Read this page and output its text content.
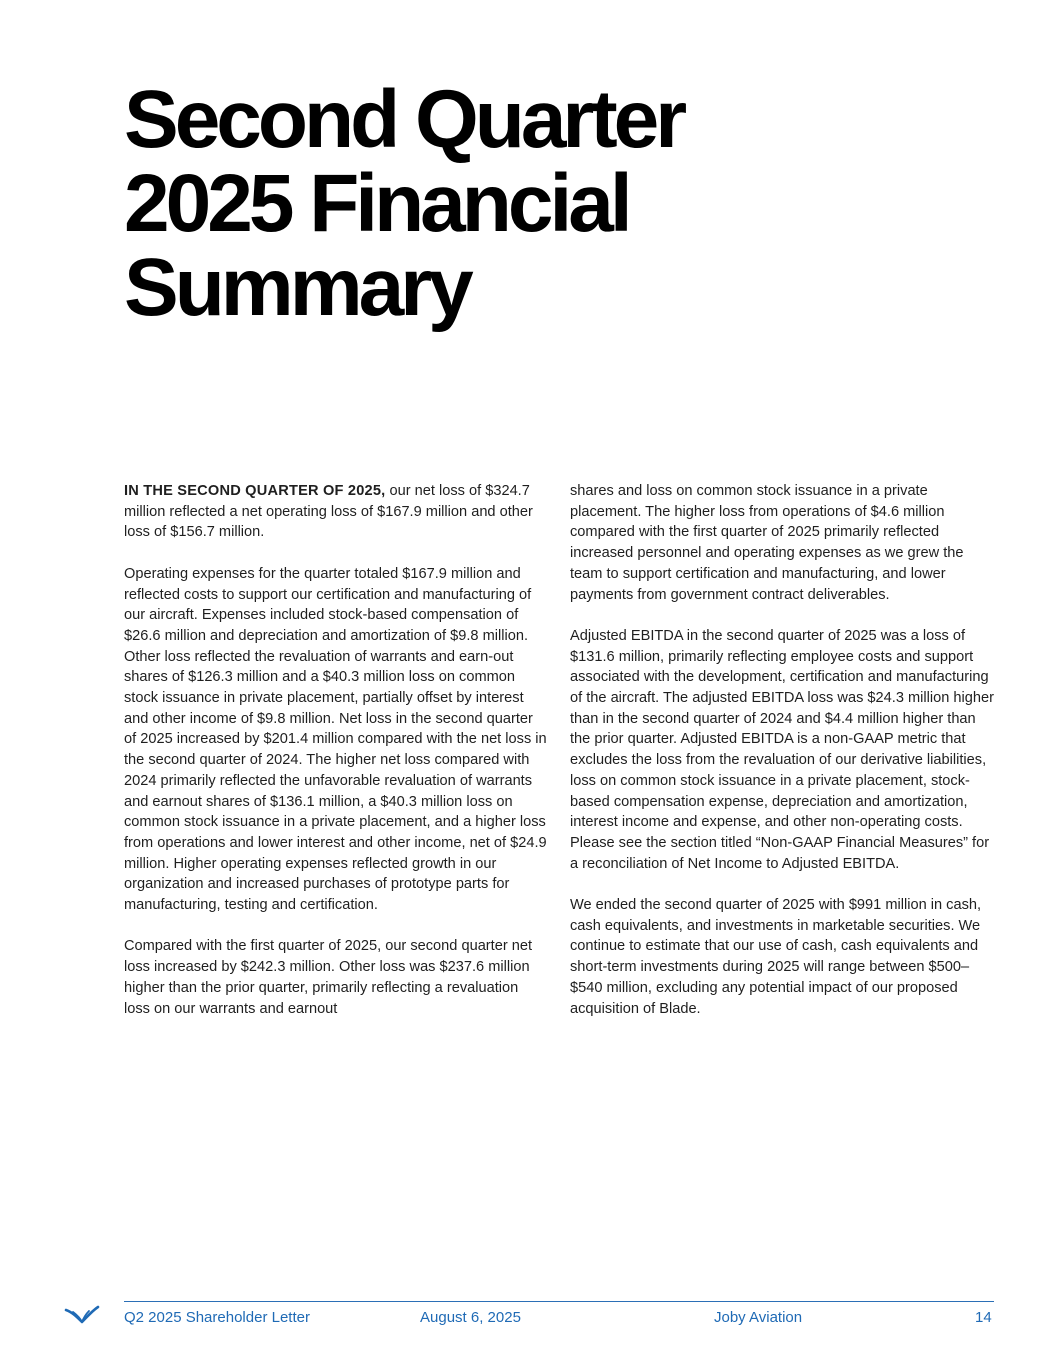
Second Quarter
2025 Financial
Summary

IN THE SECOND QUARTER OF 2025, our net loss of $324.7 million reflected a net operating loss of $167.9 million and other loss of $156.7 million.

Operating expenses for the quarter totaled $167.9 million and reflected costs to support our certification and manufacturing of our aircraft. Expenses included stock-based compensation of $26.6 million and depreciation and amortization of $9.8 million. Other loss reflected the revaluation of warrants and earn-out shares of $126.3 million and a $40.3 million loss on common stock issuance in private placement, partially offset by interest and other income of $9.8 million. Net loss in the second quarter of 2025 increased by $201.4 million compared with the net loss in the second quarter of 2024. The higher net loss compared with 2024 primarily reflected the unfavorable revaluation of warrants and earnout shares of $136.1 million, a $40.3 million loss on common stock issuance in a private placement, and a higher loss from operations and lower interest and other income, net of $24.9 million. Higher operating expenses reflected growth in our organization and increased purchases of prototype parts for manufacturing, testing and certification.

Compared with the first quarter of 2025, our second quarter net loss increased by $242.3 million. Other loss was $237.6 million higher than the prior quarter, primarily reflecting a revaluation loss on our warrants and earnout

shares and loss on common stock issuance in a private placement. The higher loss from operations of $4.6 million compared with the first quarter of 2025 primarily reflected increased personnel and operating expenses as we grew the team to support certification and manufacturing, and lower payments from government contract deliverables.

Adjusted EBITDA in the second quarter of 2025 was a loss of $131.6 million, primarily reflecting employee costs and support associated with the development, certification and manufacturing of the aircraft. The adjusted EBITDA loss was $24.3 million higher than in the second quarter of 2024 and $4.4 million higher than the prior quarter. Adjusted EBITDA is a non-GAAP metric that excludes the loss from the revaluation of our derivative liabilities, loss on common stock issuance in a private placement, stock-based compensation expense, depreciation and amortization, interest income and expense, and other non-operating costs. Please see the section titled “Non-GAAP Financial Measures” for a reconciliation of Net Income to Adjusted EBITDA.

We ended the second quarter of 2025 with $991 million in cash, cash equivalents, and investments in marketable securities. We continue to estimate that our use of cash, cash equivalents and short-term investments during 2025 will range between $500–$540 million, excluding any potential impact of our proposed acquisition of Blade.

Q2 2025 Shareholder Letter	August 6, 2025	Joby Aviation	14
